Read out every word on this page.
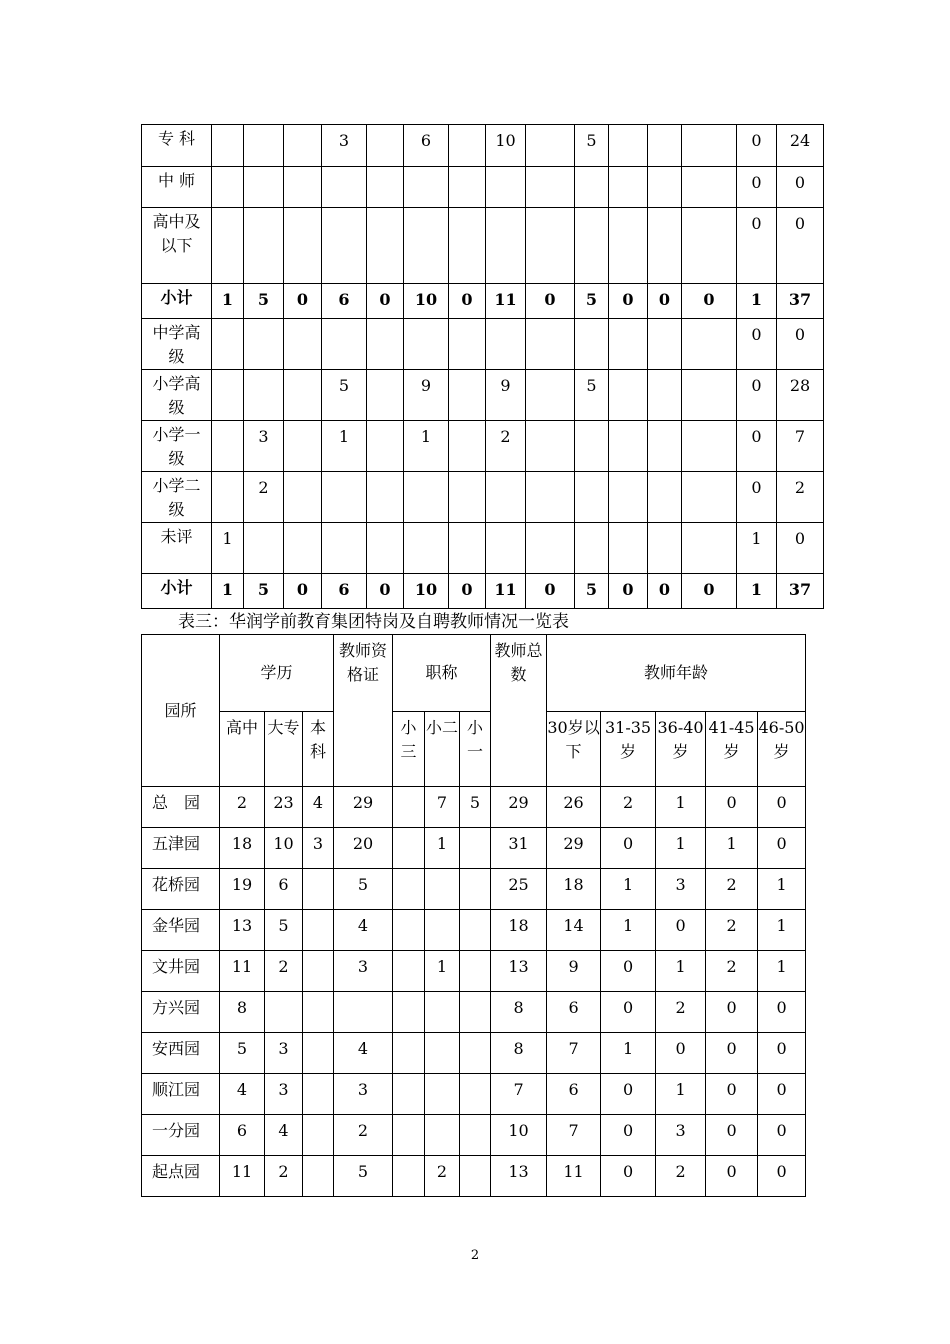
专 科				3		6		10		5				0	24
中 师														0	0
高中及以下														0	0
小计	1	5	0	6	0	10	0	11	0	5	0	0	0	1	37
中学高级														0	0
小学高级				5		9		9		5				0	28
小学一级		3		1		1		2						0	7
小学二级		2												0	2
未评	1													1	0
小计	1	5	0	6	0	10	0	11	0	5	0	0	0	1	37
表三：华润学前教育集团特岗及自聘教师情况一览表
园所	学历			教师资格证	职称			教师总数	教师年龄				
	高中	大专	本科		小三	小二	小一		30岁以下	31-35岁	36-40岁	41-45岁	46-50岁
总　园	2	23	4	29		7	5	29	26	2	1	0	0
五津园	18	10	3	20		1		31	29	0	1	1	0
花桥园	19	6		5				25	18	1	3	2	1
金华园	13	5		4				18	14	1	0	2	1
文井园	11	2		3		1		13	9	0	1	2	1
方兴园	8							8	6	0	2	0	0
安西园	5	3		4				8	7	1	0	0	0
顺江园	4	3		3				7	6	0	1	0	0
一分园	6	4		2				10	7	0	3	0	0
起点园	11	2		5		2		13	11	0	2	0	0
2
